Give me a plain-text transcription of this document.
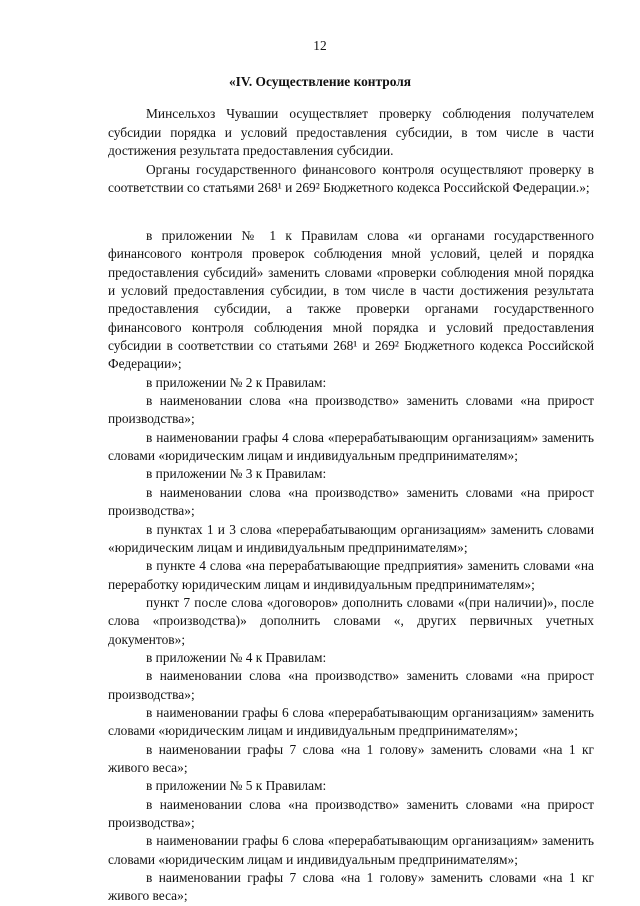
12
«IV. Осуществление контроля

Минсельхоз Чувашии осуществляет проверку соблюдения получателем субсидии порядка и условий предоставления субсидии, в том числе в части достижения результата предоставления субсидии.

Органы государственного финансового контроля осуществляют проверку в соответствии со статьями 268¹ и 269² Бюджетного кодекса Российской Федерации.»;

в приложении № 1 к Правилам слова «и органами государственного финансового контроля проверок соблюдения мной условий, целей и порядка предоставления субсидий» заменить словами «проверки соблюдения мной порядка и условий предоставления субсидии, в том числе в части достижения результата предоставления субсидии, а также проверки органами государственного финансового контроля соблюдения мной порядка и условий предоставления субсидии в соответствии со статьями 268¹ и 269² Бюджетного кодекса Российской Федерации»;

в приложении № 2 к Правилам:

в наименовании слова «на производство» заменить словами «на прирост производства»;

в наименовании графы 4 слова «перерабатывающим организациям» заменить словами «юридическим лицам и индивидуальным предпринимателям»;

в приложении № 3 к Правилам:

в наименовании слова «на производство» заменить словами «на прирост производства»;

в пунктах 1 и 3 слова «перерабатывающим организациям» заменить словами «юридическим лицам и индивидуальным предпринимателям»;

в пункте 4 слова «на перерабатывающие предприятия» заменить словами «на переработку юридическим лицам и индивидуальным предпринимателям»;

пункт 7 после слова «договоров» дополнить словами «(при наличии)», после слова «производства)» дополнить словами «, других первичных учетных документов»;

в приложении № 4 к Правилам:

в наименовании слова «на производство» заменить словами «на прирост производства»;

в наименовании графы 6 слова «перерабатывающим организациям» заменить словами «юридическим лицам и индивидуальным предпринимателям»;

в наименовании графы 7 слова «на 1 голову» заменить словами «на 1 кг живого веса»;

в приложении № 5 к Правилам:

в наименовании слова «на производство» заменить словами «на прирост производства»;

в наименовании графы 6 слова «перерабатывающим организациям» заменить словами «юридическим лицам и индивидуальным предпринимателям»;

в наименовании графы 7 слова «на 1 голову» заменить словами «на 1 кг живого веса»;
